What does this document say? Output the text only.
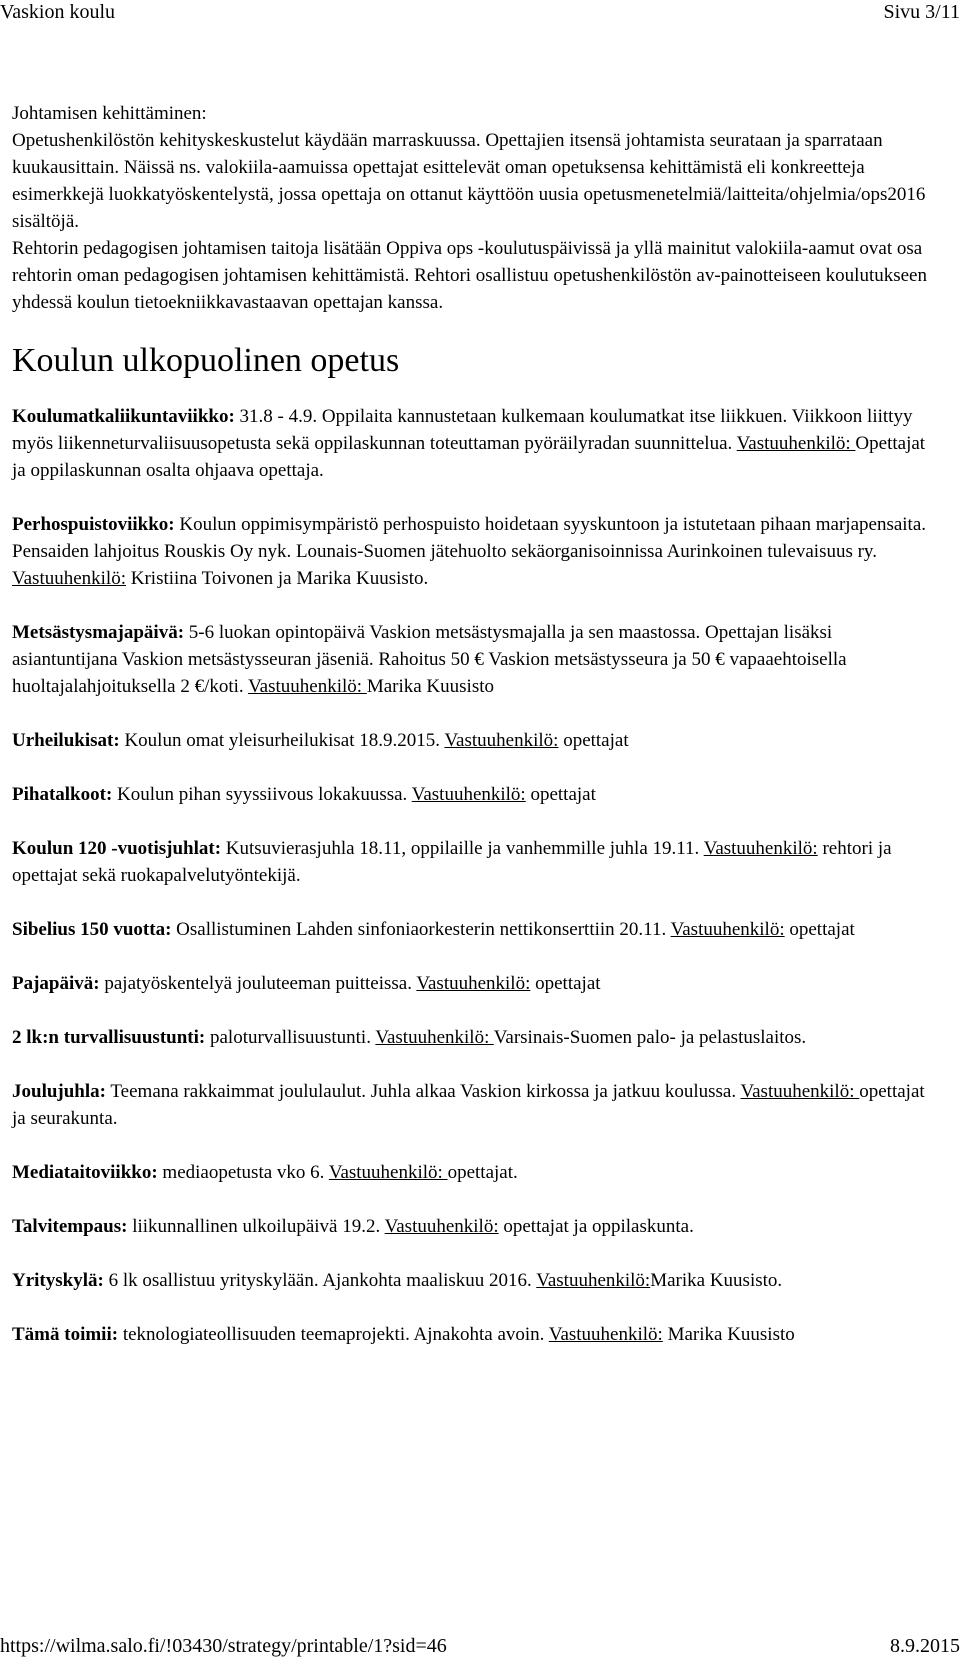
Vaskion koulu	Sivu 3/11

Johtamisen kehittäminen:

Opetushenkilöstön kehityskeskustelut käydään marraskuussa. Opettajien itsensä johtamista seurataan ja sparrataan kuukausittain. Näissä ns. valokiila-aamuissa opettajat esittelevät oman opetuksensa kehittämistä eli konkreetteja esimerkkejä luokkatyöskentelystä, jossa opettaja on ottanut käyttöön uusia opetusmenetelmiä/laitteita/ohjelmia/ops2016 sisältöjä.

Rehtorin pedagogisen johtamisen taitoja lisätään Oppiva ops -koulutuspäivissä ja yllä mainitut valokiila-aamut ovat osa rehtorin oman pedagogisen johtamisen kehittämistä. Rehtori osallistuu opetushenkilöstön av-painotteiseen koulutukseen yhdessä koulun tietoekniikkavastaavan opettajan kanssa.

Koulun ulkopuolinen opetus
Koulumatkaliikuntaviikko: 31.8 - 4.9. Oppilaita kannustetaan kulkemaan koulumatkat itse liikkuen. Viikkoon liittyy myös liikenneturvaliisuusopetusta sekä oppilaskunnan toteuttaman pyöräilyradan suunnittelua. Vastuuhenkilö: Opettajat ja oppilaskunnan osalta ohjaava opettaja.
Perhospuistoviikko: Koulun oppimisympäristö perhospuisto hoidetaan syyskuntoon ja istutetaan pihaan marjapensaita. Pensaiden lahjoitus Rouskis Oy nyk. Lounais-Suomen jätehuolto sekäorganisoinnissa Aurinkoinen tulevaisuus ry. Vastuuhenkilö: Kristiina Toivonen ja Marika Kuusisto.
Metsästysmajapäivä: 5-6 luokan opintopäivä Vaskion metsästysmajalla ja sen maastossa. Opettajan lisäksi asiantuntijana Vaskion metsästysseuran jäseniä. Rahoitus 50 € Vaskion metsästysseura ja 50 € vapaaehtoisella huoltajalahjoituksella 2 €/koti. Vastuuhenkilö: Marika Kuusisto
Urheilukisat: Koulun omat yleisurheilukisat 18.9.2015. Vastuuhenkilö: opettajat
Pihatalkoot: Koulun pihan syyssiivous lokakuussa. Vastuuhenkilö: opettajat
Koulun 120 -vuotisjuhlat: Kutsuvierasjuhla 18.11, oppilaille ja vanhemmille juhla 19.11. Vastuuhenkilö: rehtori ja opettajat sekä ruokapalvelutyöntekijä.
Sibelius 150 vuotta: Osallistuminen Lahden sinfoniaorkesterin nettikonserttiin 20.11. Vastuuhenkilö: opettajat
Pajapäivä: pajatyöskentelyä jouluteeman puitteissa. Vastuuhenkilö: opettajat
2 lk:n turvallisuustunti: paloturvallisuustunti. Vastuuhenkilö: Varsinais-Suomen palo- ja pelastuslaitos.
Joulujuhla: Teemana rakkaimmat joululaulut. Juhla alkaa Vaskion kirkossa ja jatkuu koulussa. Vastuuhenkilö: opettajat ja seurakunta.
Mediataitoviikko: mediaopetusta vko 6. Vastuuhenkilö: opettajat.
Talvitempaus: liikunnallinen ulkoilupäivä 19.2. Vastuuhenkilö: opettajat ja oppilaskunta.
Yrityskylä: 6 lk osallistuu yrityskylään. Ajankohta maaliskuu 2016. Vastuuhenkilö:Marika Kuusisto.
Tämä toimii: teknologiateollisuuden teemaprojekti. Ajnakohta avoin. Vastuuhenkilö: Marika Kuusisto
https://wilma.salo.fi/!03430/strategy/printable/1?sid=46	8.9.2015
